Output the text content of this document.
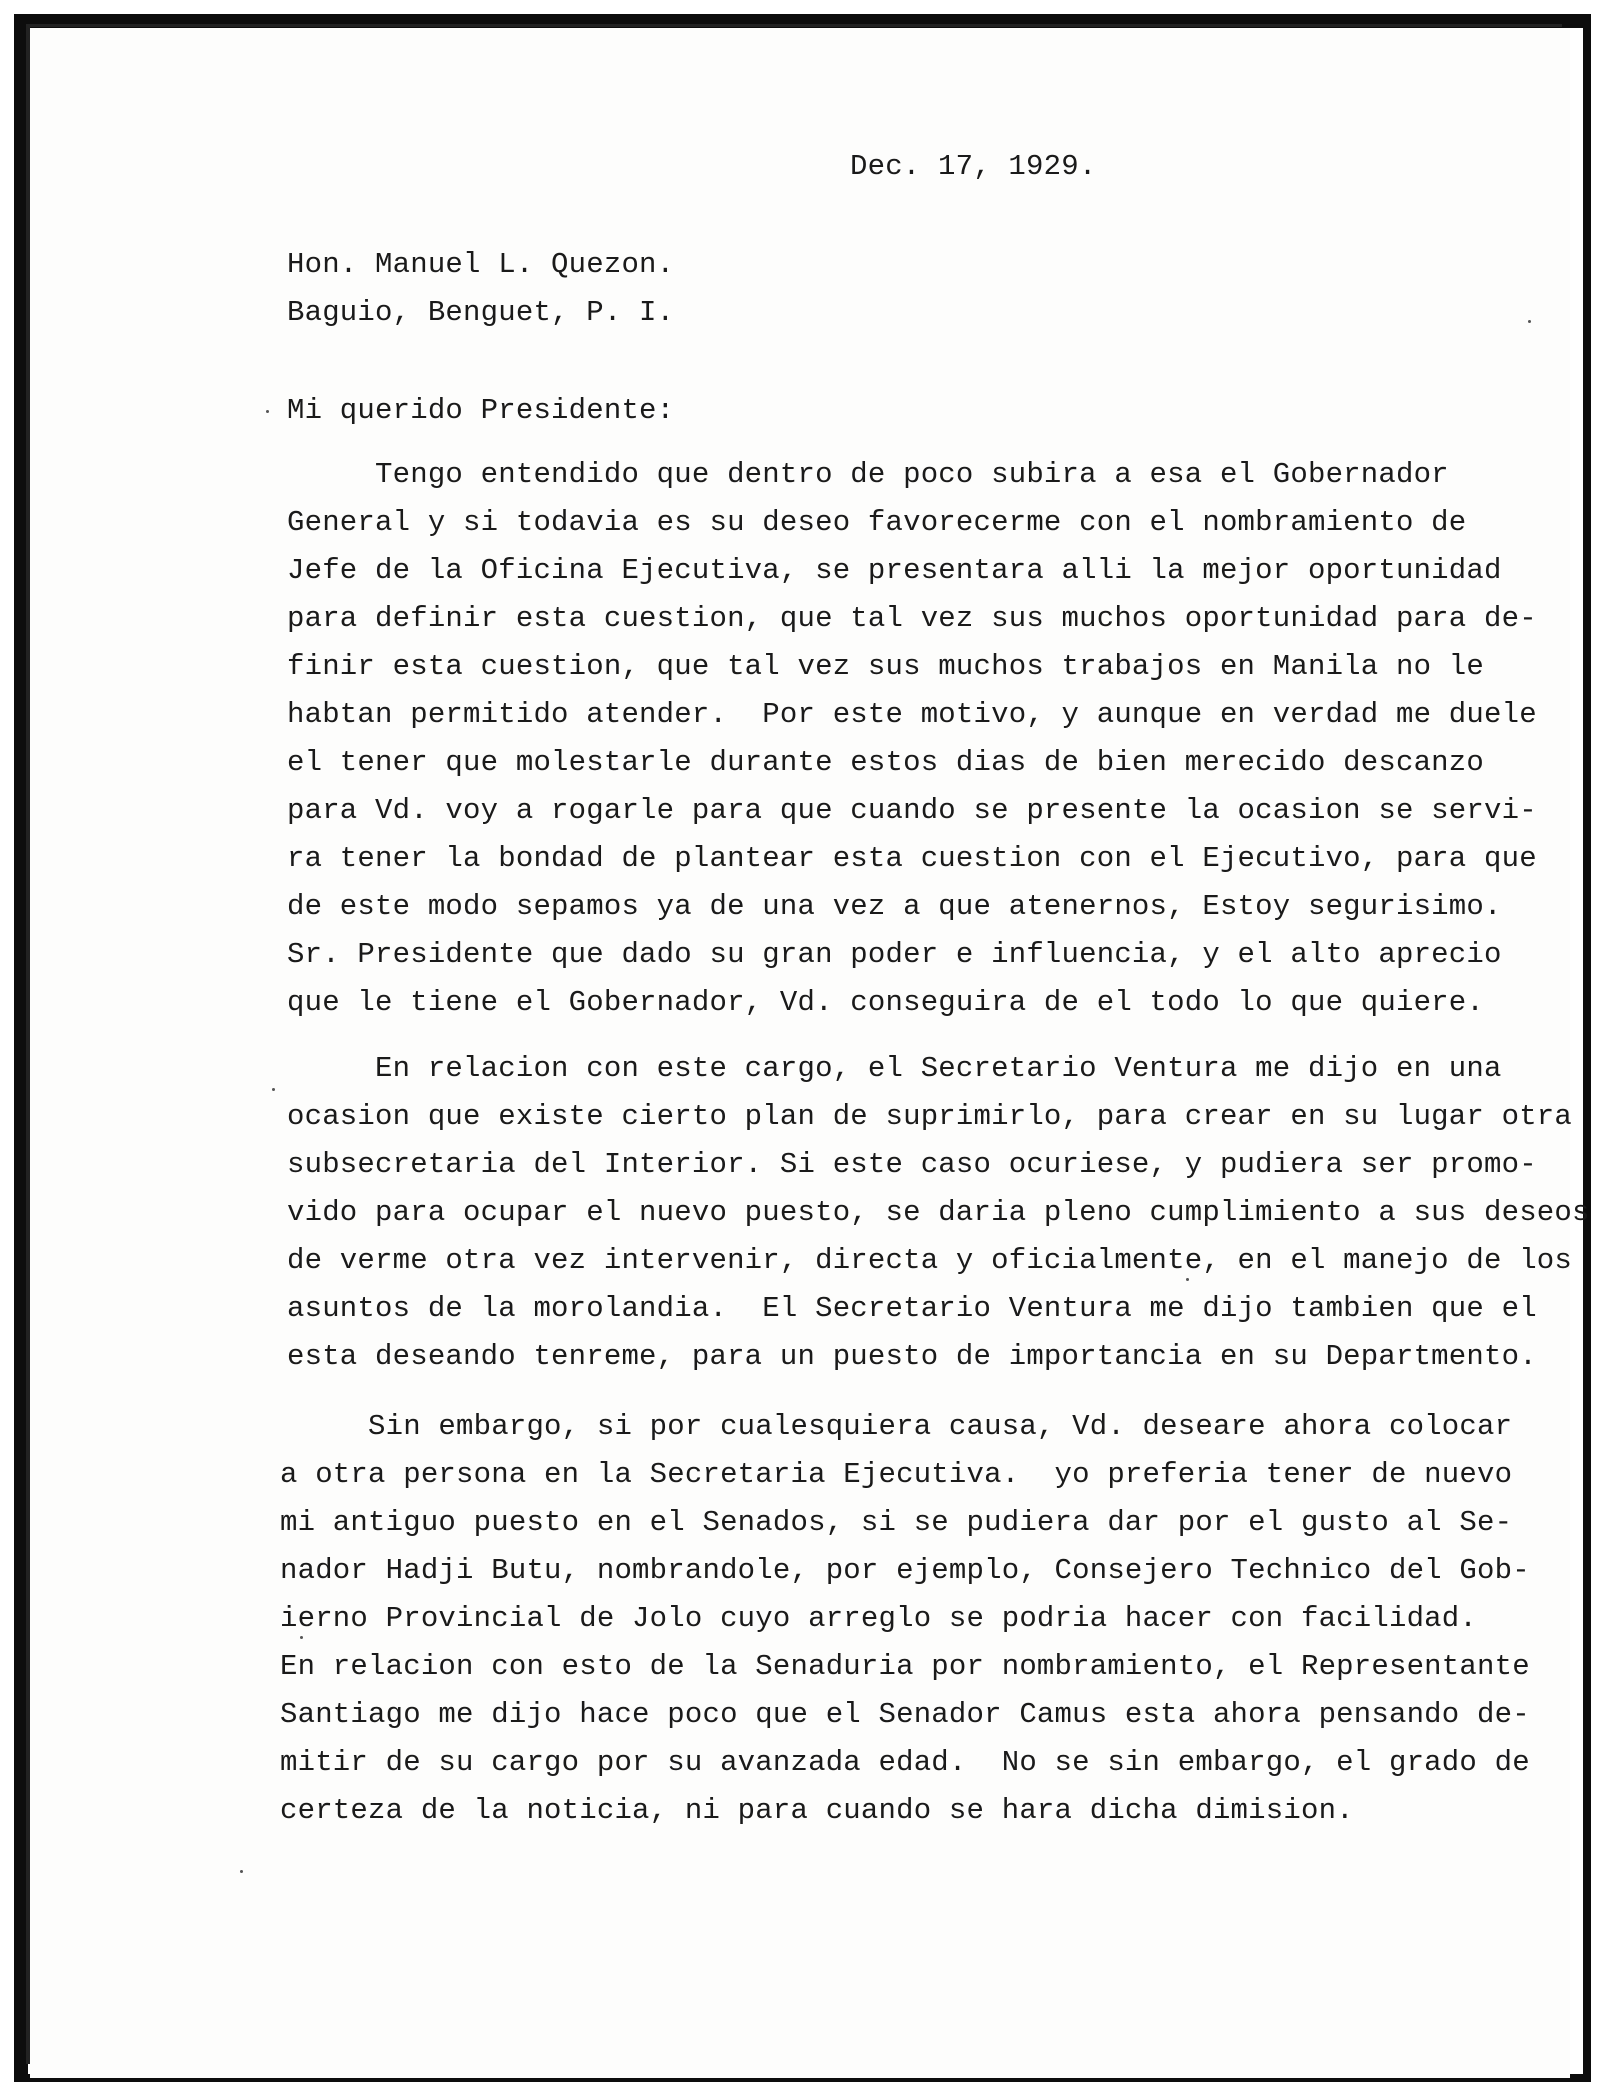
Dec. 17, 1929.

Hon. Manuel L. Quezon.

Baguio, Benguet, P. I.

Mi querido Presidente:

Tengo entendido que dentro de poco subira a esa el Gobernador

General y si todavia es su deseo favorecerme con el nombramiento de

Jefe de la Oficina Ejecutiva, se presentara alli la mejor oportunidad

para definir esta cuestion, que tal vez sus muchos oportunidad para de-

finir esta cuestion, que tal vez sus muchos trabajos en Manila no le

habtan permitido atender.  Por este motivo, y aunque en verdad me duele

el tener que molestarle durante estos dias de bien merecido descanzo

para Vd. voy a rogarle para que cuando se presente la ocasion se servi-

ra tener la bondad de plantear esta cuestion con el Ejecutivo, para que

de este modo sepamos ya de una vez a que atenernos, Estoy segurisimo.

Sr. Presidente que dado su gran poder e influencia, y el alto aprecio

que le tiene el Gobernador, Vd. conseguira de el todo lo que quiere.

En relacion con este cargo, el Secretario Ventura me dijo en una

ocasion que existe cierto plan de suprimirlo, para crear en su lugar otra

subsecretaria del Interior. Si este caso ocuriese, y pudiera ser promo-

vido para ocupar el nuevo puesto, se daria pleno cumplimiento a sus deseos

de verme otra vez intervenir, directa y oficialmente, en el manejo de los

asuntos de la morolandia.  El Secretario Ventura me dijo tambien que el

esta deseando tenreme, para un puesto de importancia en su Departmento.

Sin embargo, si por cualesquiera causa, Vd. deseare ahora colocar

a otra persona en la Secretaria Ejecutiva.  yo preferia tener de nuevo

mi antiguo puesto en el Senados, si se pudiera dar por el gusto al Se-

nador Hadji Butu, nombrandole, por ejemplo, Consejero Technico del Gob-

ierno Provincial de Jolo cuyo arreglo se podria hacer con facilidad.

En relacion con esto de la Senaduria por nombramiento, el Representante

Santiago me dijo hace poco que el Senador Camus esta ahora pensando de-

mitir de su cargo por su avanzada edad.  No se sin embargo, el grado de

certeza de la noticia, ni para cuando se hara dicha dimision.
